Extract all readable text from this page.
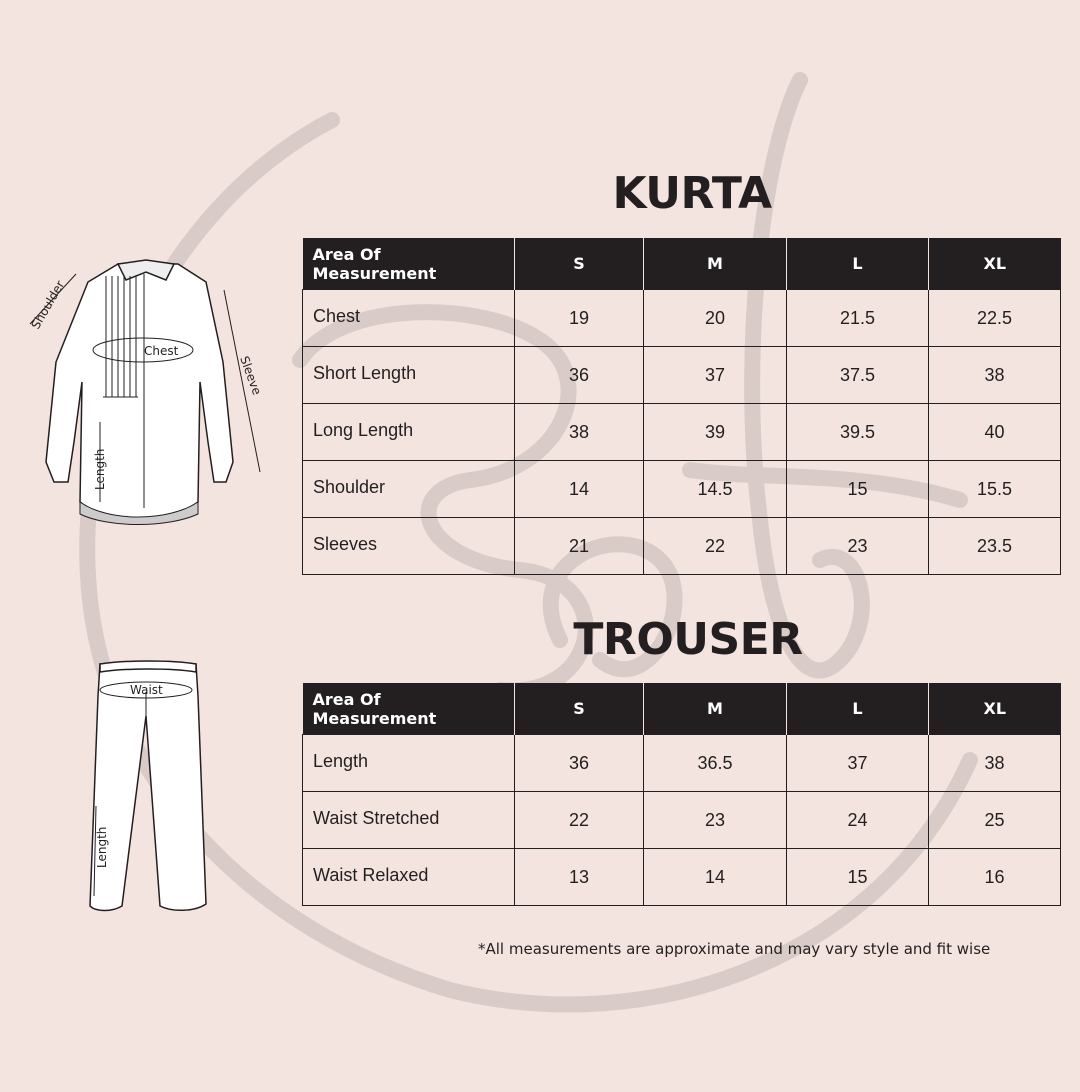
Chest
Shoulder
Sleeve
Length
Waist
Length
KURTA
Area Of
Measurement	S	M	L	XL
Chest	19	20	21.5	22.5
Short Length	36	37	37.5	38
Long Length	38	39	39.5	40
Shoulder	14	14.5	15	15.5
Sleeves	21	22	23	23.5
TROUSER
Area Of
Measurement	S	M	L	XL
Length	36	36.5	37	38
Waist Stretched	22	23	24	25
Waist Relaxed	13	14	15	16
*All measurements are approximate and may vary style and fit wise
